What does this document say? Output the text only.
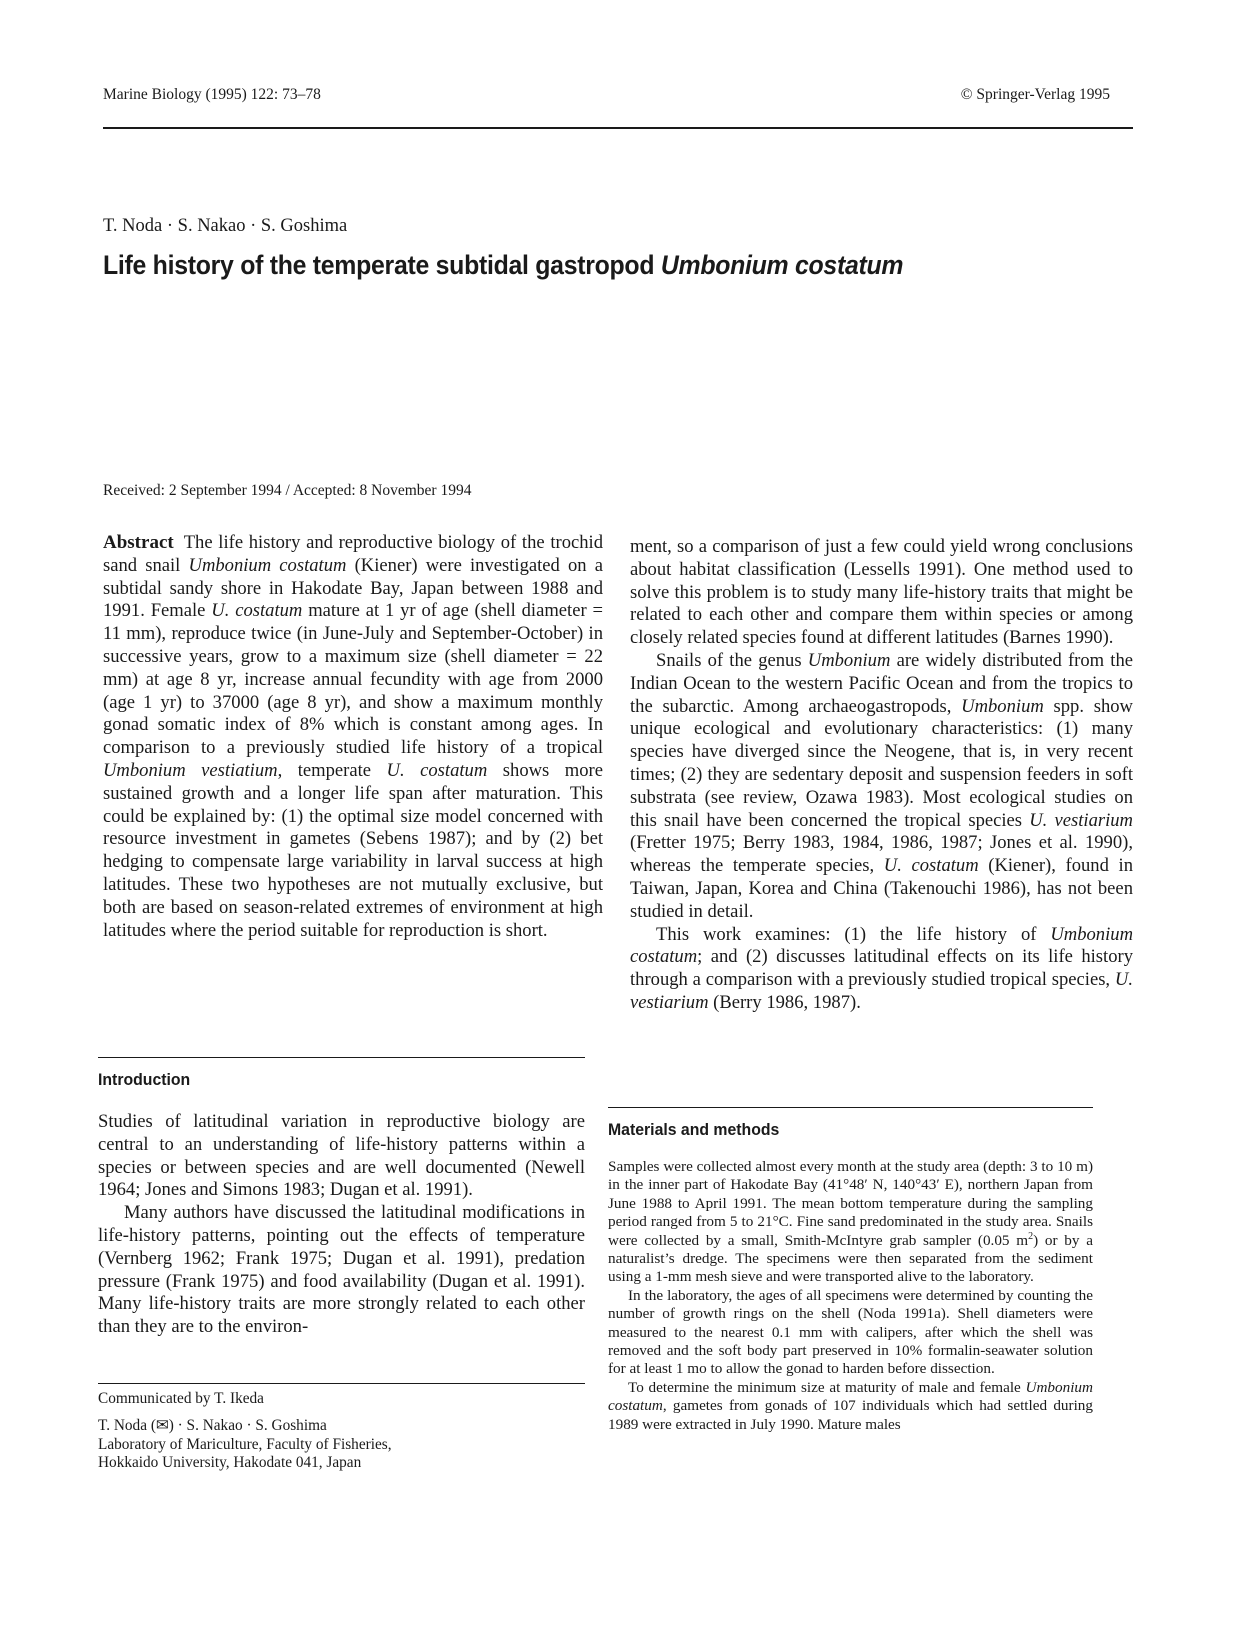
Marine Biology (1995) 122: 73–78	© Springer-Verlag 1995
T. Noda · S. Nakao · S. Goshima
Life history of the temperate subtidal gastropod Umbonium costatum
Received: 2 September 1994 / Accepted: 8 November 1994

Abstract The life history and reproductive biology of the trochid sand snail Umbonium costatum (Kiener) were investigated on a subtidal sandy shore in Hakodate Bay, Japan between 1988 and 1991. Female U. costatum mature at 1 yr of age (shell diameter = 11 mm), reproduce twice (in June-July and September-October) in successive years, grow to a maximum size (shell diameter = 22 mm) at age 8 yr, increase annual fecundity with age from 2000 (age 1 yr) to 37000 (age 8 yr), and show a maximum monthly gonad somatic index of 8% which is constant among ages. In comparison to a previously studied life history of a tropical Umbonium vestiatium, temperate U. costatum shows more sustained growth and a longer life span after maturation. This could be explained by: (1) the optimal size model concerned with resource investment in gametes (Sebens 1987); and by (2) bet hedging to compensate large variability in larval success at high latitudes. These two hypotheses are not mutually exclusive, but both are based on season-related extremes of environment at high latitudes where the period suitable for reproduction is short.

Introduction

Studies of latitudinal variation in reproductive biology are central to an understanding of life-history patterns within a species or between species and are well documented (Newell 1964; Jones and Simons 1983; Dugan et al. 1991).

Many authors have discussed the latitudinal modifications in life-history patterns, pointing out the effects of temperature (Vernberg 1962; Frank 1975; Dugan et al. 1991), predation pressure (Frank 1975) and food availability (Dugan et al. 1991). Many life-history traits are more strongly related to each other than they are to the environ-

Communicated by T. Ikeda

T. Noda (✉) · S. Nakao · S. Goshima

Laboratory of Mariculture, Faculty of Fisheries,

Hokkaido University, Hakodate 041, Japan

ment, so a comparison of just a few could yield wrong conclusions about habitat classification (Lessells 1991). One method used to solve this problem is to study many life-history traits that might be related to each other and compare them within species or among closely related species found at different latitudes (Barnes 1990).

Snails of the genus Umbonium are widely distributed from the Indian Ocean to the western Pacific Ocean and from the tropics to the subarctic. Among archaeogastropods, Umbonium spp. show unique ecological and evolutionary characteristics: (1) many species have diverged since the Neogene, that is, in very recent times; (2) they are sedentary deposit and suspension feeders in soft substrata (see review, Ozawa 1983). Most ecological studies on this snail have been concerned the tropical species U. vestiarium (Fretter 1975; Berry 1983, 1984, 1986, 1987; Jones et al. 1990), whereas the temperate species, U. costatum (Kiener), found in Taiwan, Japan, Korea and China (Takenouchi 1986), has not been studied in detail.

This work examines: (1) the life history of Umbonium costatum; and (2) discusses latitudinal effects on its life history through a comparison with a previously studied tropical species, U. vestiarium (Berry 1986, 1987).

Materials and methods

Samples were collected almost every month at the study area (depth: 3 to 10 m) in the inner part of Hakodate Bay (41°48′ N, 140°43′ E), northern Japan from June 1988 to April 1991. The mean bottom temperature during the sampling period ranged from 5 to 21°C. Fine sand predominated in the study area. Snails were collected by a small, Smith-McIntyre grab sampler (0.05 $m^2$) or by a naturalist’s dredge. The specimens were then separated from the sediment using a 1-mm mesh sieve and were transported alive to the laboratory.

In the laboratory, the ages of all specimens were determined by counting the number of growth rings on the shell (Noda 1991a). Shell diameters were measured to the nearest 0.1 mm with calipers, after which the shell was removed and the soft body part preserved in 10% formalin-seawater solution for at least 1 mo to allow the gonad to harden before dissection.

To determine the minimum size at maturity of male and female Umbonium costatum, gametes from gonads of 107 individuals which had settled during 1989 were extracted in July 1990. Mature males
